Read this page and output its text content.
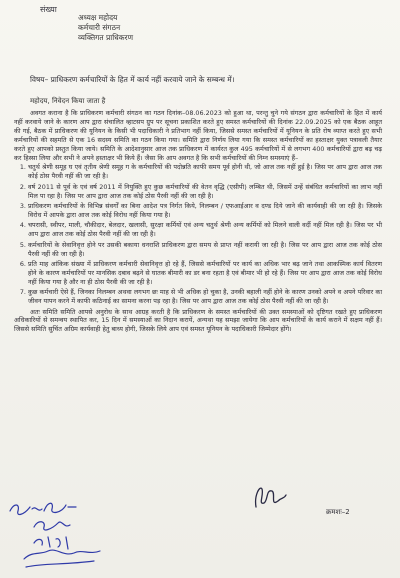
संख्या
अध्यक्ष महोदय
कर्मचारी संगठन
व्यक्तिगत प्राधिकरण
विषय– प्राधिकरण कर्मचारियों के हित में कार्य नहीं करवाये जाने के सम्बन्ध में।
महोदय, निवेदन किया जाता है

अवगत कराना है कि प्राधिकरण कर्मचारी संगठन का गठन दिनांक–08.06.2023 को हुआ था, परन्तु चुने गये संगठन द्वारा कर्मचारियों के हित में कार्य नहीं करवाये जाने के कारण आप द्वारा संचालित व्हाटसप ग्रुप पर सूचना प्रकाशित करते हुए समस्त कर्मचारियों की दिनांक 22.09.2025 को एक बैठक आहूत की गई, बैठक में प्राधिकरण की यूनियन के किसी भी पदाधिकारी ने प्रतिभाग नहीं किया, जिससे समस्त कर्मचारियों में यूनियन के प्रति रोष व्याप्त करते हुए सभी कर्मचारियों की सहमति से एक 16 सदस्य समिति का गठन किया गया। समिति द्वारा निर्णय लिया गया कि समस्त कर्मचारियों का हस्ताक्षर युक्त पत्रावली तैयार करते हुए आपको प्रस्तुत किया जाये। समिति के आदेशानुसार आज तक प्राधिकरण में कार्यरत कुल 495 कर्मचारियों में से लगभग 400 कर्मचारियों द्वारा बढ़ चढ़ कर हिस्सा लिया और सभी ने अपने हस्ताक्षर भी किये हैं। जैसा कि आप अवगत है कि सभी कर्मचारियों की निम्न समस्याएं हैं–

1. चतुर्थ श्रेणी समूह घ एवं तृतीय श्रेणी समूह ग के कर्मचारियों की पदोन्नति काफी समय पूर्व होनी थी, जो आज तक नहीं हुई है। जिस पर आप द्वारा आज तक कोई ठोस पैरवी नहीं की जा रही है।
2. वर्ष 2011 से पूर्व के एवं वर्ष 2011 में नियुक्ति हुए कुछ कर्मचारियों की वेतन वृद्धि (एसीपी) लम्बित थी, जिसमें उन्हें संबंधित कर्मचारियों का लाभ नहीं मिल पा रहा है। जिस पर आप द्वारा आज तक कोई ठोस पैरवी नहीं की जा रही है।
3. प्राधिकरण कर्मचारियों के विभिन्न संवर्गों का बिना आदेश पत्र निर्गत किये, निलम्बन / एफआईआर व दण्ड दिये जाने की कार्यवाही की जा रही है। जिसके विरोध में आपके द्वारा आज तक कोई विरोध नहीं किया गया है।
4. चपरासी, स्वीपर, माली, चौकीदार, बेलदार, खलासी, सुरक्षा कर्मियों एवं अन्य चतुर्थ श्रेणी अन्य कर्मियों को मिलने वाली वर्दी नहीं मिल रही है। जिस पर भी आप द्वारा आज तक कोई ठोस पैरवी नहीं की जा रही है।
5. कर्मचारियों के सेवानिवृत्त होने पर उसकी बकाया धनराशि प्राधिकरण द्वारा समय से प्राप्त नहीं करायी जा रही है। जिस पर आप द्वारा आज तक कोई ठोस पैरवी नहीं की जा रही है।
6. प्रति माह आंकिक संख्या में प्राधिकरण कर्मचारी सेवानिवृत्त हो रहे हैं, जिससे कर्मचारियों पर कार्य का अधिक भार बढ़ जाने तथा आकस्मिक कार्य वितरण होने के कारण कर्मचारियों पर मानसिक दबाव बढ़ने से घातक बीमारी का डर बना रहता है एवं बीमार भी हो रहे हैं। जिस पर आप द्वारा आज तक कोई विरोध नहीं किया गया है और ना ही ठोस पैरवी की जा रही है।
7. कुछ कर्मचारी ऐसे हैं, जिनका निलम्बन अथवा लगभग छः माह से भी अधिक हो चुका है, उनकी बहाली नहीं होने के कारण उनको अपने व अपने परिवार का जीवन यापन करने में काफी कठिनाई का सामना करना पड़ रहा है। जिस पर आप द्वारा आज तक कोई ठोस पैरवी नहीं की जा रही है।

अतः समिति समिति आपसे अनुरोध के साथ आग्रह करती है कि प्राधिकरण के समस्त कर्मचारियों की उक्त समस्याओं को दृष्टिगत रखते हुए प्राधिकरण अधिकारियों से समन्वय स्थापित कर, 15 दिन में समस्याओं का निदान करायें, अन्यथा यह समझा जायेगा कि आप कर्मचारियों के कार्य कराने में सक्षम नहीं हैं। जिससे समिति सुचिंत अग्रिम कार्यवाही हेतु बाध्य होगी, जिसके लिये आप एवं समस्त यूनियन के पदाधिकारी जिम्मेदार होंगे।

क्रमशः–2
